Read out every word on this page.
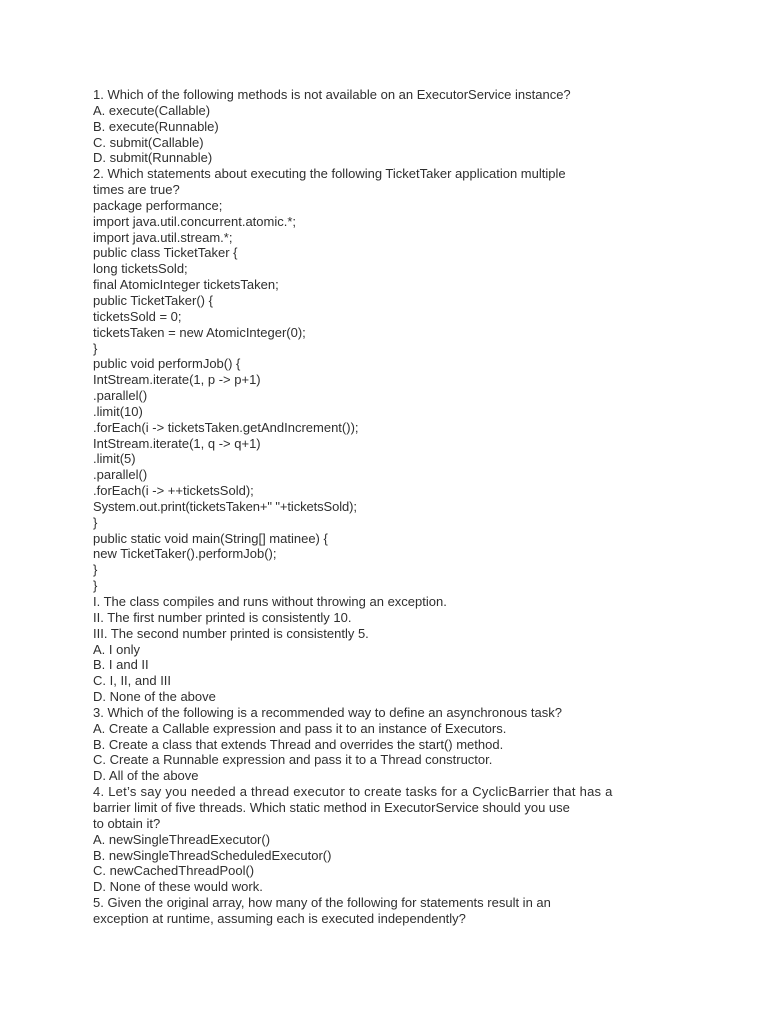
1. Which of the following methods is not available on an ExecutorService instance?
A. execute(Callable)
B. execute(Runnable)
C. submit(Callable)
D. submit(Runnable)
2. Which statements about executing the following TicketTaker application multiple
times are true?
package performance;
import java.util.concurrent.atomic.*;
import java.util.stream.*;
public class TicketTaker {
long ticketsSold;
final AtomicInteger ticketsTaken;
public TicketTaker() {
ticketsSold = 0;
ticketsTaken = new AtomicInteger(0);
}
public void performJob() {
IntStream.iterate(1, p -> p+1)
.parallel()
.limit(10)
.forEach(i -> ticketsTaken.getAndIncrement());
IntStream.iterate(1, q -> q+1)
.limit(5)
.parallel()
.forEach(i -> ++ticketsSold);
System.out.print(ticketsTaken+" "+ticketsSold);
}
public static void main(String[] matinee) {
new TicketTaker().performJob();
}
}
I. The class compiles and runs without throwing an exception.
II. The first number printed is consistently 10.
III. The second number printed is consistently 5.
A. I only
B. I and II
C. I, II, and III
D. None of the above
3. Which of the following is a recommended way to define an asynchronous task?
A. Create a Callable expression and pass it to an instance of Executors.
B. Create a class that extends Thread and overrides the start() method.
C. Create a Runnable expression and pass it to a Thread constructor.
D. All of the above
4. Let’s say you needed a thread executor to create tasks for a CyclicBarrier that has a
barrier limit of five threads. Which static method in ExecutorService should you use
to obtain it?
A. newSingleThreadExecutor()
B. newSingleThreadScheduledExecutor()
C. newCachedThreadPool()
D. None of these would work.
5. Given the original array, how many of the following for statements result in an
exception at runtime, assuming each is executed independently?
